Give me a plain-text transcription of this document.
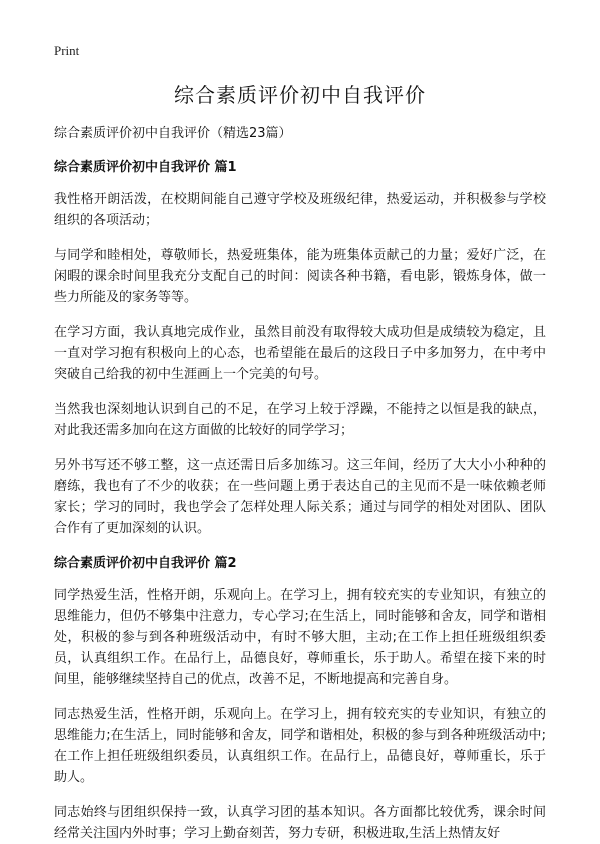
Print
综合素质评价初中自我评价

综合素质评价初中自我评价（精选23篇）

综合素质评价初中自我评价 篇1

我性格开朗活泼，在校期间能自己遵守学校及班级纪律，热爱运动，并积极参与学校组织的各项活动；

与同学和睦相处，尊敬师长，热爱班集体，能为班集体贡献己的力量；爱好广泛，在闲暇的课余时间里我充分支配自己的时间：阅读各种书籍，看电影，锻炼身体，做一些力所能及的家务等等。

在学习方面，我认真地完成作业，虽然目前没有取得较大成功但是成绩较为稳定，且一直对学习抱有积极向上的心态，也希望能在最后的这段日子中多加努力，在中考中突破自己给我的初中生涯画上一个完美的句号。

当然我也深刻地认识到自己的不足，在学习上较于浮躁，不能持之以恒是我的缺点，对此我还需多加向在这方面做的比较好的同学学习；

另外书写还不够工整，这一点还需日后多加练习。这三年间，经历了大大小小种种的磨练，我也有了不少的收获；在一些问题上勇于表达自己的主见而不是一味依赖老师家长；学习的同时，我也学会了怎样处理人际关系；通过与同学的相处对团队、团队合作有了更加深刻的认识。

综合素质评价初中自我评价 篇2

同学热爱生活，性格开朗，乐观向上。在学习上，拥有较充实的专业知识，有独立的思维能力，但仍不够集中注意力，专心学习;在生活上，同时能够和舍友，同学和谐相处，积极的参与到各种班级活动中，有时不够大胆，主动;在工作上担任班级组织委员，认真组织工作。在品行上，品德良好，尊师重长，乐于助人。希望在接下来的时间里，能够继续坚持自己的优点，改善不足，不断地提高和完善自身。

同志热爱生活，性格开朗，乐观向上。在学习上，拥有较充实的专业知识，有独立的思维能力;在生活上，同时能够和舍友，同学和谐相处，积极的参与到各种班级活动中;在工作上担任班级组织委员，认真组织工作。在品行上，品德良好，尊师重长，乐于助人。

同志始终与团组织保持一致，认真学习团的基本知识。各方面都比较优秀，课余时间经常关注国内外时事；学习上勤奋刻苦，努力专研，积极进取,生活上热情友好
